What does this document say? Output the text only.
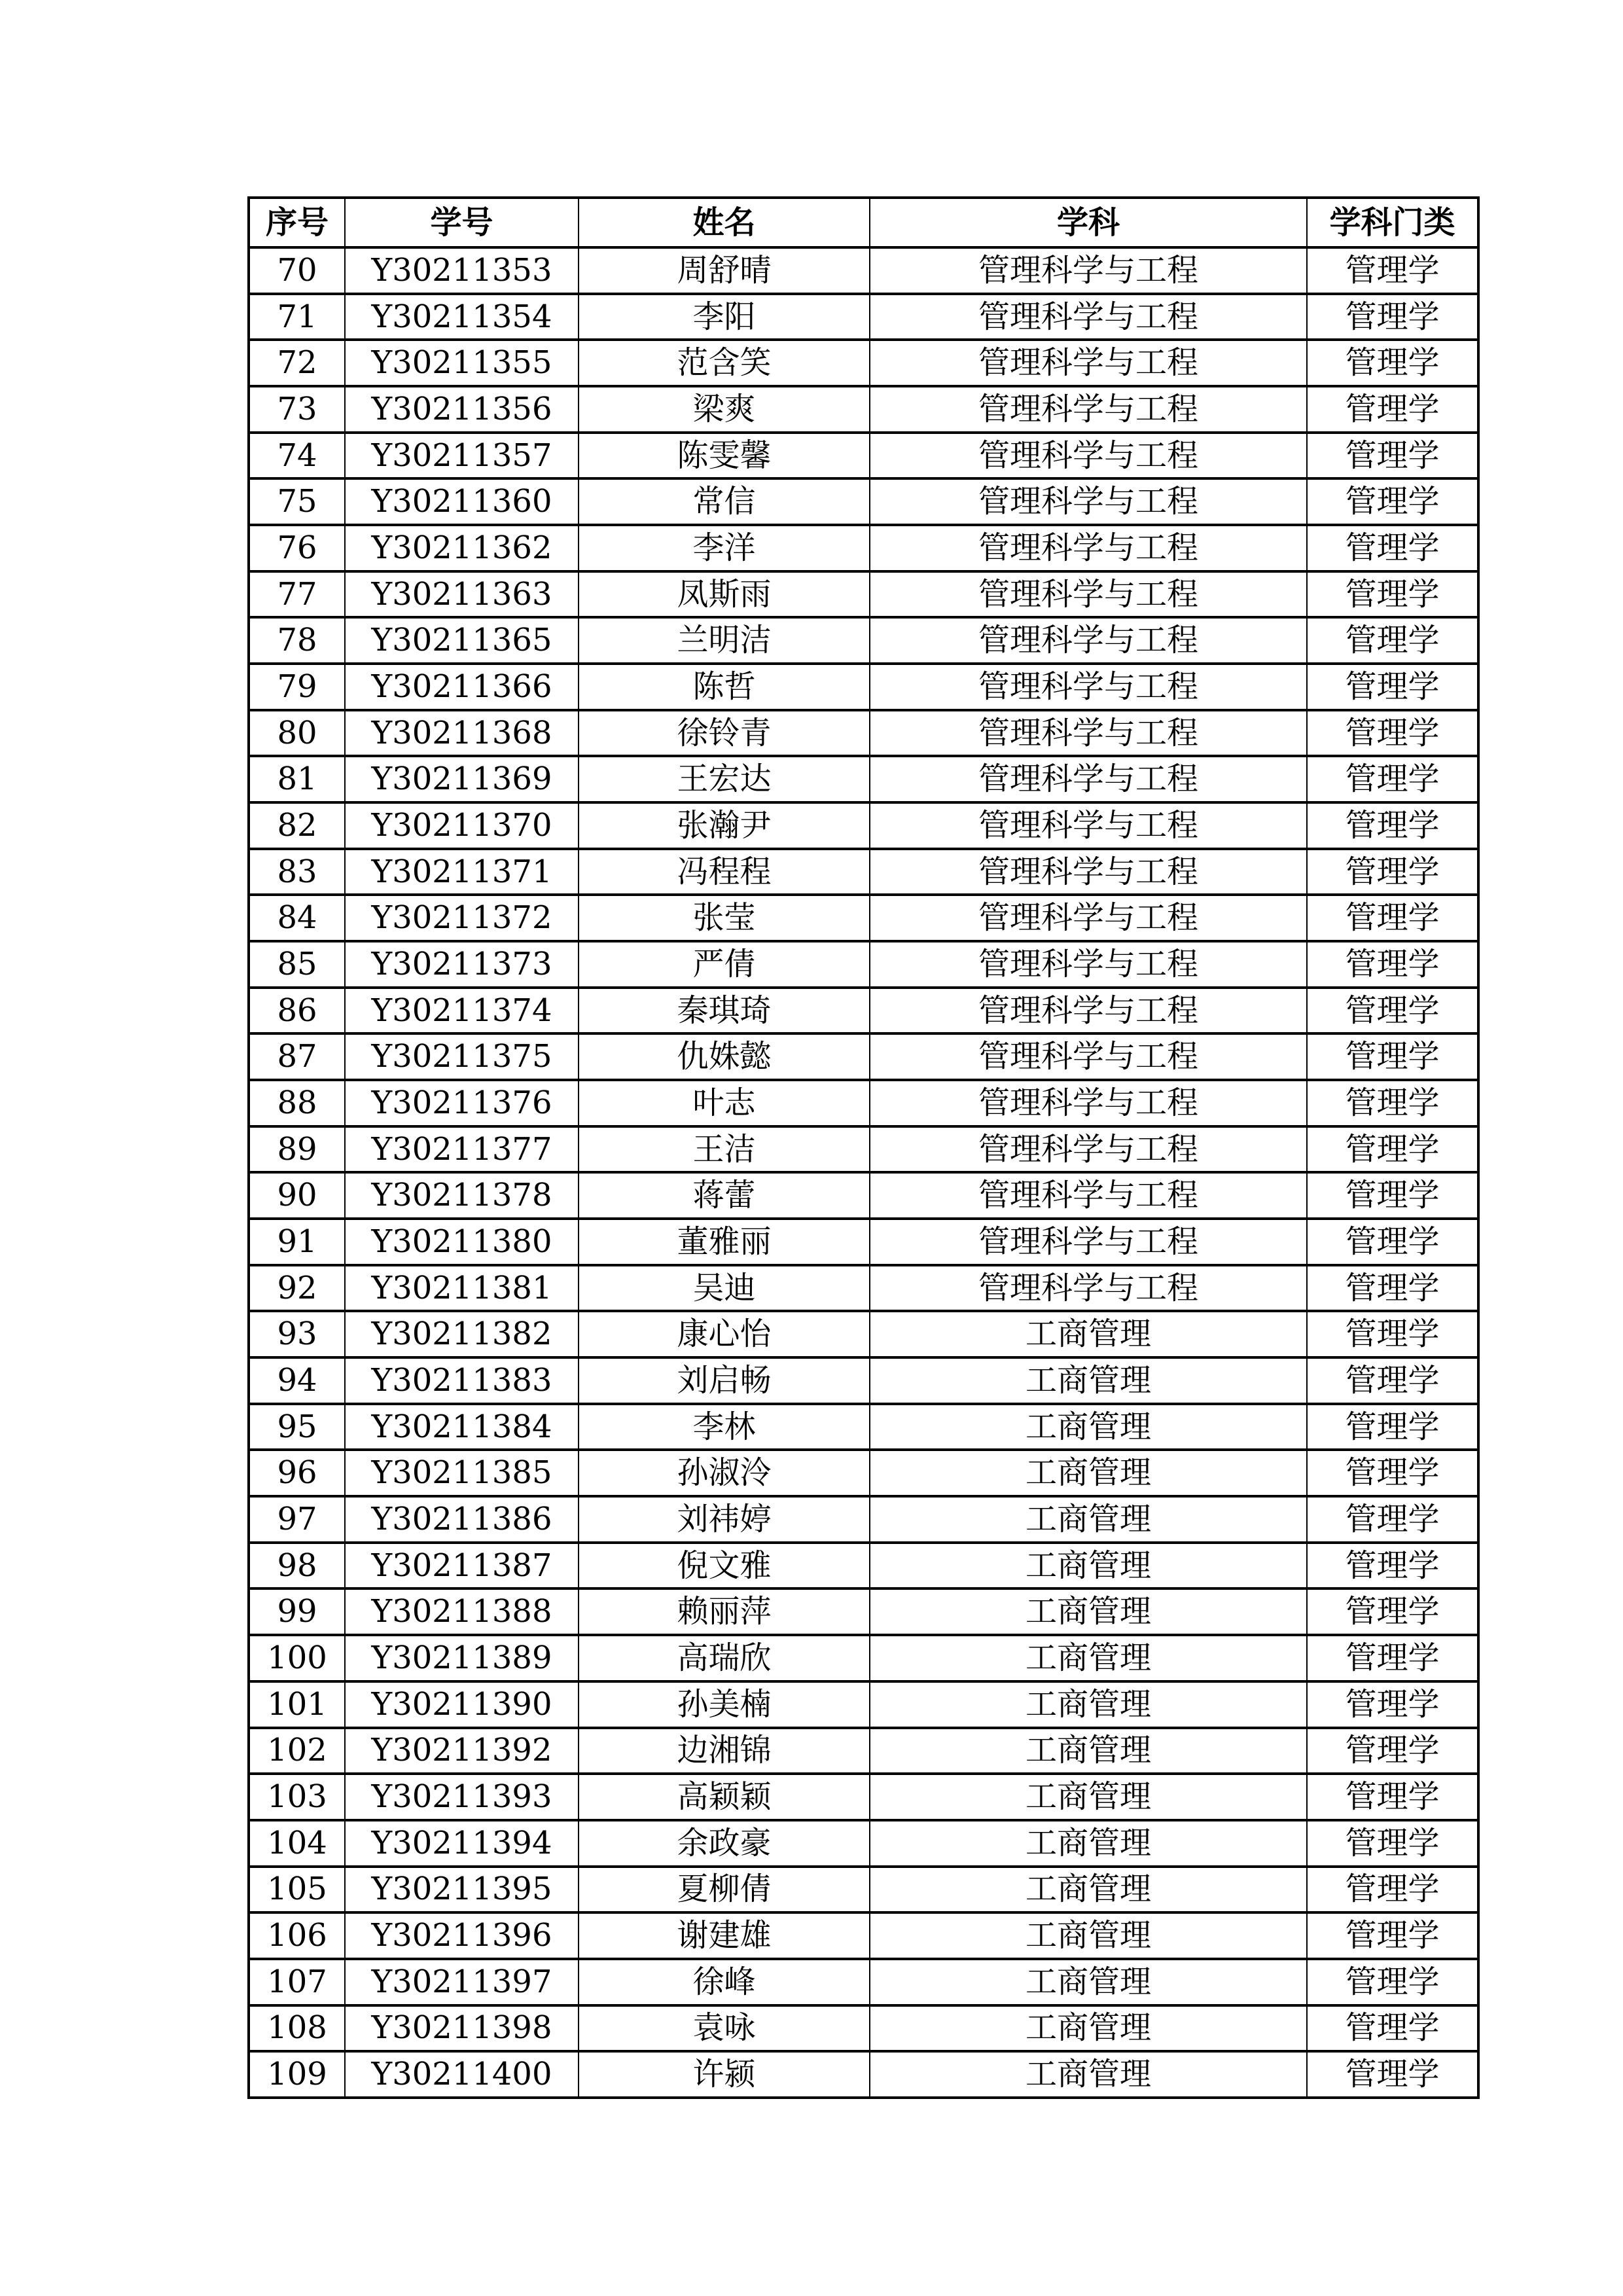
序号	学号	姓名	学科	学科门类
70	Y30211353	周舒晴	管理科学与工程	管理学
71	Y30211354	李阳	管理科学与工程	管理学
72	Y30211355	范含笑	管理科学与工程	管理学
73	Y30211356	梁爽	管理科学与工程	管理学
74	Y30211357	陈雯馨	管理科学与工程	管理学
75	Y30211360	常信	管理科学与工程	管理学
76	Y30211362	李洋	管理科学与工程	管理学
77	Y30211363	凤斯雨	管理科学与工程	管理学
78	Y30211365	兰明洁	管理科学与工程	管理学
79	Y30211366	陈哲	管理科学与工程	管理学
80	Y30211368	徐铃青	管理科学与工程	管理学
81	Y30211369	王宏达	管理科学与工程	管理学
82	Y30211370	张瀚尹	管理科学与工程	管理学
83	Y30211371	冯程程	管理科学与工程	管理学
84	Y30211372	张莹	管理科学与工程	管理学
85	Y30211373	严倩	管理科学与工程	管理学
86	Y30211374	秦琪琦	管理科学与工程	管理学
87	Y30211375	仇姝懿	管理科学与工程	管理学
88	Y30211376	叶志	管理科学与工程	管理学
89	Y30211377	王洁	管理科学与工程	管理学
90	Y30211378	蒋蕾	管理科学与工程	管理学
91	Y30211380	董雅丽	管理科学与工程	管理学
92	Y30211381	吴迪	管理科学与工程	管理学
93	Y30211382	康心怡	工商管理	管理学
94	Y30211383	刘启畅	工商管理	管理学
95	Y30211384	李林	工商管理	管理学
96	Y30211385	孙淑泠	工商管理	管理学
97	Y30211386	刘祎婷	工商管理	管理学
98	Y30211387	倪文雅	工商管理	管理学
99	Y30211388	赖丽萍	工商管理	管理学
100	Y30211389	高瑞欣	工商管理	管理学
101	Y30211390	孙美楠	工商管理	管理学
102	Y30211392	边湘锦	工商管理	管理学
103	Y30211393	高颖颖	工商管理	管理学
104	Y30211394	余政豪	工商管理	管理学
105	Y30211395	夏柳倩	工商管理	管理学
106	Y30211396	谢建雄	工商管理	管理学
107	Y30211397	徐峰	工商管理	管理学
108	Y30211398	袁咏	工商管理	管理学
109	Y30211400	许颍	工商管理	管理学
